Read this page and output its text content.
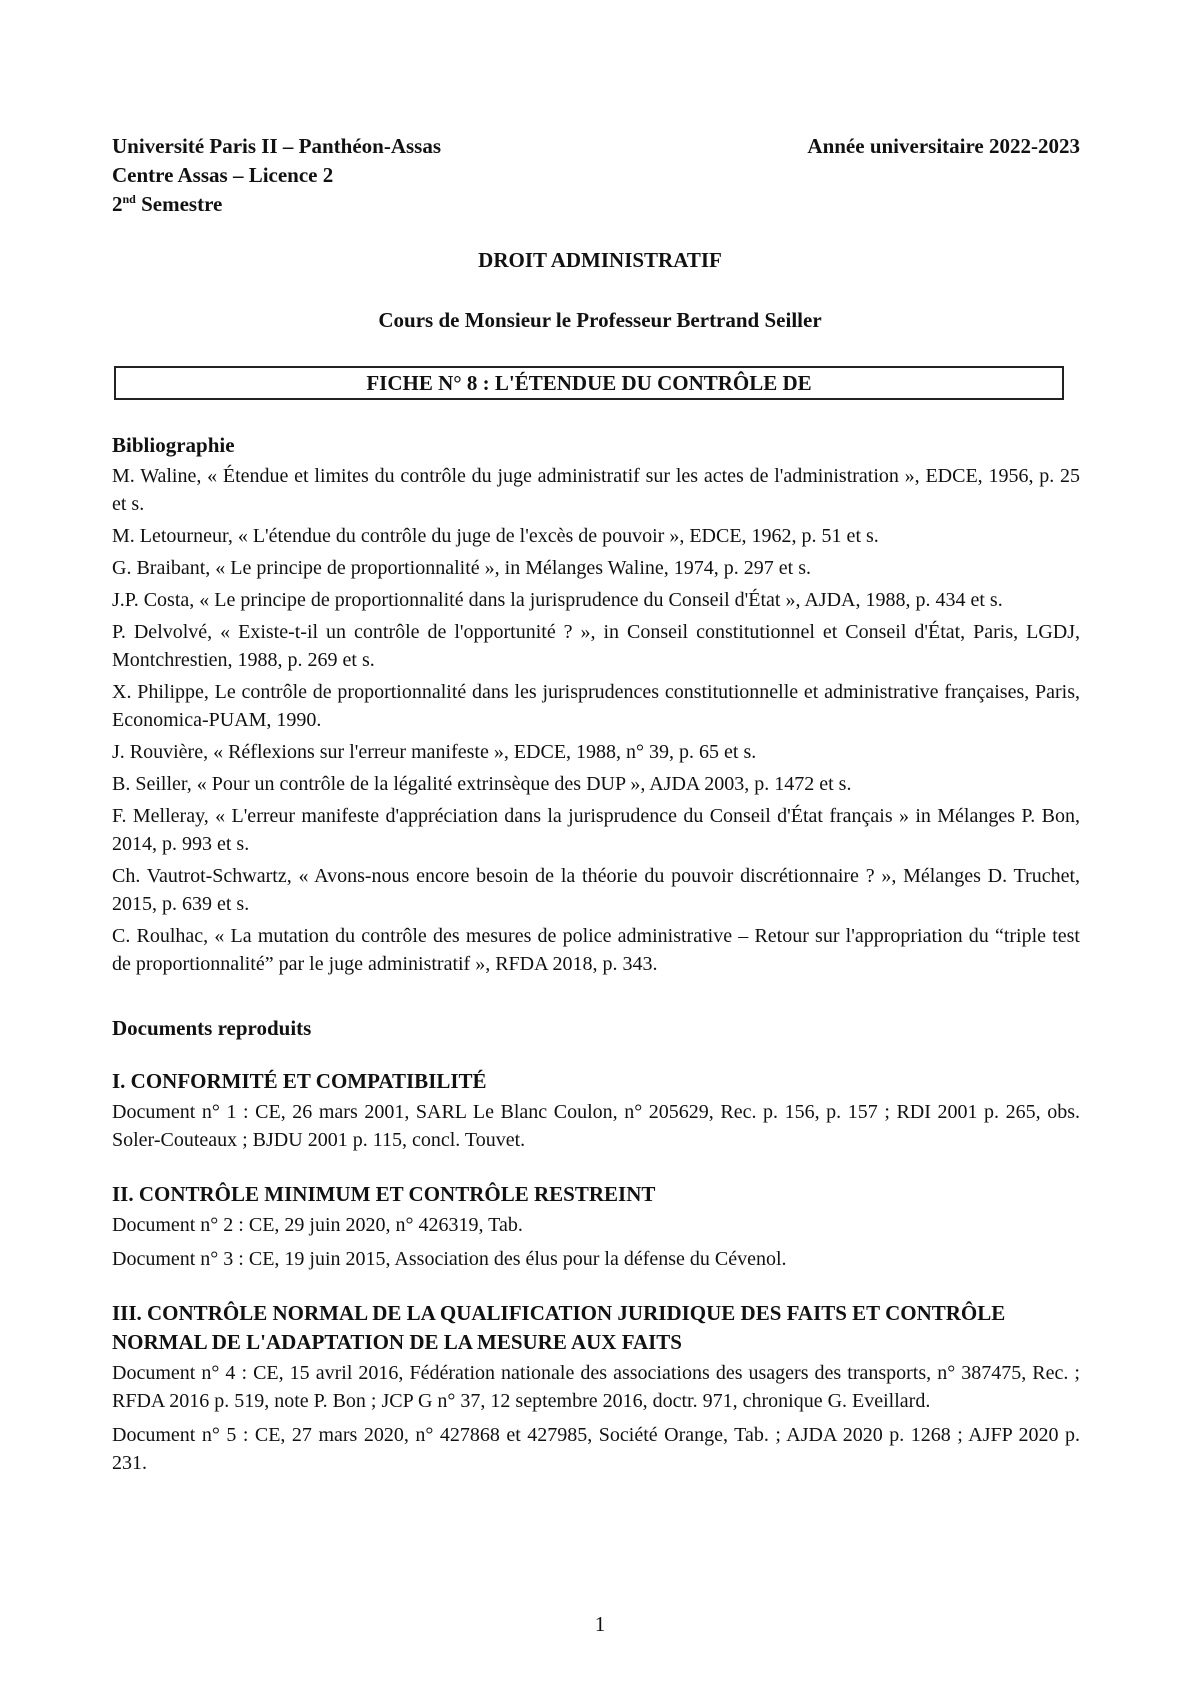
Université Paris II – Panthéon-Assas
Centre Assas – Licence 2
2nd Semestre
Année universitaire 2022-2023
DROIT ADMINISTRATIF
Cours de Monsieur le Professeur Bertrand Seiller
FICHE N° 8 : L'ÉTENDUE DU CONTRÔLE DE
Bibliographie

M. Waline, « Étendue et limites du contrôle du juge administratif sur les actes de l'administration », EDCE, 1956, p. 25 et s.

M. Letourneur, « L'étendue du contrôle du juge de l'excès de pouvoir », EDCE, 1962, p. 51 et s.

G. Braibant, « Le principe de proportionnalité », in Mélanges Waline, 1974, p. 297 et s.

J.P. Costa, « Le principe de proportionnalité dans la jurisprudence du Conseil d'État », AJDA, 1988, p. 434 et s.

P. Delvolvé, « Existe-t-il un contrôle de l'opportunité ? », in Conseil constitutionnel et Conseil d'État, Paris, LGDJ, Montchrestien, 1988, p. 269 et s.

X. Philippe, Le contrôle de proportionnalité dans les jurisprudences constitutionnelle et administrative françaises, Paris, Economica-PUAM, 1990.

J. Rouvière, « Réflexions sur l'erreur manifeste », EDCE, 1988, n° 39, p. 65 et s.

B. Seiller, « Pour un contrôle de la légalité extrinsèque des DUP », AJDA 2003, p. 1472 et s.

F. Melleray, « L'erreur manifeste d'appréciation dans la jurisprudence du Conseil d'État français » in Mélanges P. Bon, 2014, p. 993 et s.

Ch. Vautrot-Schwartz, « Avons-nous encore besoin de la théorie du pouvoir discrétionnaire ? », Mélanges D. Truchet, 2015, p. 639 et s.

C. Roulhac, « La mutation du contrôle des mesures de police administrative – Retour sur l'appropriation du “triple test de proportionnalité” par le juge administratif », RFDA 2018, p. 343.

Documents reproduits
I. CONFORMITÉ ET COMPATIBILITÉ

Document n° 1 : CE, 26 mars 2001, SARL Le Blanc Coulon, n° 205629, Rec. p. 156, p. 157 ; RDI 2001 p. 265, obs. Soler-Couteaux ; BJDU 2001 p. 115, concl. Touvet.

II. CONTRÔLE MINIMUM ET CONTRÔLE RESTREINT

Document n° 2 : CE, 29 juin 2020, n° 426319, Tab.

Document n° 3 : CE, 19 juin 2015, Association des élus pour la défense du Cévenol.

III. CONTRÔLE NORMAL DE LA QUALIFICATION JURIDIQUE DES FAITS ET CONTRÔLE NORMAL DE L'ADAPTATION DE LA MESURE AUX FAITS

Document n° 4 : CE, 15 avril 2016, Fédération nationale des associations des usagers des transports, n° 387475, Rec. ; RFDA 2016 p. 519, note P. Bon ; JCP G n° 37, 12 septembre 2016, doctr. 971, chronique G. Eveillard.

Document n° 5 : CE, 27 mars 2020, n° 427868 et 427985, Société Orange, Tab. ; AJDA 2020 p. 1268 ; AJFP 2020 p. 231.

1
